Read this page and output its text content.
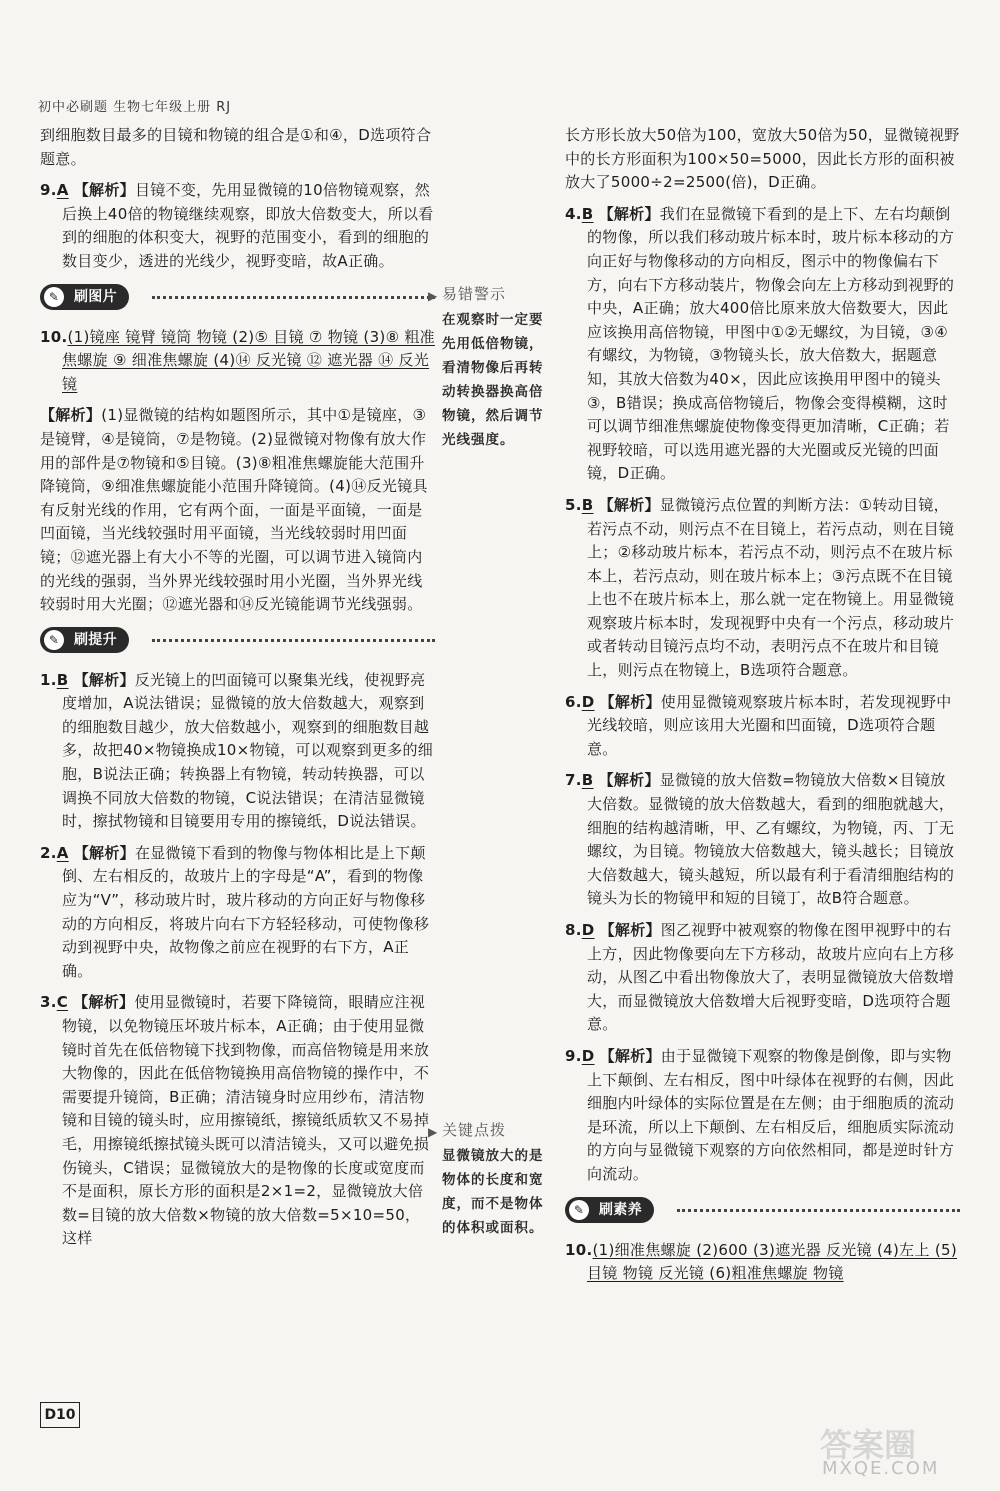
初中必刷题 生物七年级上册 RJ

到细胞数目最多的目镜和物镜的组合是①和④，D选项符合题意。

9.A 【解析】目镜不变，先用显微镜的10倍物镜观察，然后换上40倍的物镜继续观察，即放大倍数变大，所以看到的细胞的体积变大，视野的范围变小，看到的细胞的数目变少，透进的光线少，视野变暗，故A正确。

✎	刷图片

10.(1)镜座 镜臂 镜筒 物镜 (2)⑤ 目镜 ⑦ 物镜 (3)⑧ 粗准焦螺旋 ⑨ 细准焦螺旋 (4)⑭ 反光镜 ⑫ 遮光器 ⑭ 反光镜

【解析】(1)显微镜的结构如题图所示，其中①是镜座，③是镜臂，④是镜筒，⑦是物镜。(2)显微镜对物像有放大作用的部件是⑦物镜和⑤目镜。(3)⑧粗准焦螺旋能大范围升降镜筒，⑨细准焦螺旋能小范围升降镜筒。(4)⑭反光镜具有反射光线的作用，它有两个面，一面是平面镜，一面是凹面镜，当光线较强时用平面镜，当光线较弱时用凹面镜；⑫遮光器上有大小不等的光圈，可以调节进入镜筒内的光线的强弱，当外界光线较强时用小光圈，当外界光线较弱时用大光圈；⑫遮光器和⑭反光镜能调节光线强弱。

✎	刷提升

1.B 【解析】反光镜上的凹面镜可以聚集光线，使视野亮度增加，A说法错误；显微镜的放大倍数越大，观察到的细胞数目越少，放大倍数越小，观察到的细胞数目越多，故把40×物镜换成10×物镜，可以观察到更多的细胞，B说法正确；转换器上有物镜，转动转换器，可以调换不同放大倍数的物镜，C说法错误；在清洁显微镜时，擦拭物镜和目镜要用专用的擦镜纸，D说法错误。

2.A 【解析】在显微镜下看到的物像与物体相比是上下颠倒、左右相反的，故玻片上的字母是“A”，看到的物像应为“V”，移动玻片时，玻片移动的方向正好与物像移动的方向相反，将玻片向右下方轻轻移动，可使物像移动到视野中央，故物像之前应在视野的右下方，A正确。

3.C 【解析】使用显微镜时，若要下降镜筒，眼睛应注视物镜，以免物镜压坏玻片标本，A正确；由于使用显微镜时首先在低倍物镜下找到物像，而高倍物镜是用来放大物像的，因此在低倍物镜换用高倍物镜的操作中，不需要提升镜筒，B正确；清洁镜身时应用纱布，清洁物镜和目镜的镜头时，应用擦镜纸，擦镜纸质软又不易掉毛，用擦镜纸擦拭镜头既可以清洁镜头，又可以避免损伤镜头，C错误；显微镜放大的是物像的长度或宽度而不是面积，原长方形的面积是2×1=2，显微镜放大倍数=目镜的放大倍数×物镜的放大倍数=5×10=50，这样

▶ 易错警示
在观察时一定要先用低倍物镜，看清物像后再转动转换器换高倍物镜，然后调节光线强度。
▶ 关键点拨
显微镜放大的是物体的长度和宽度，而不是物体的体积或面积。

长方形长放大50倍为100，宽放大50倍为50，显微镜视野中的长方形面积为100×50=5000，因此长方形的面积被放大了5000÷2=2500(倍)，D正确。

4.B 【解析】我们在显微镜下看到的是上下、左右均颠倒的物像，所以我们移动玻片标本时，玻片标本移动的方向正好与物像移动的方向相反，图示中的物像偏右下方，向右下方移动装片，物像会向左上方移动到视野的中央，A正确；放大400倍比原来放大倍数要大，因此应该换用高倍物镜，甲图中①②无螺纹，为目镜，③④有螺纹，为物镜，③物镜头长，放大倍数大，据题意知，其放大倍数为40×，因此应该换用甲图中的镜头③，B错误；换成高倍物镜后，物像会变得模糊，这时可以调节细准焦螺旋使物像变得更加清晰，C正确；若视野较暗，可以选用遮光器的大光圈或反光镜的凹面镜，D正确。

5.B 【解析】显微镜污点位置的判断方法：①转动目镜，若污点不动，则污点不在目镜上，若污点动，则在目镜上；②移动玻片标本，若污点不动，则污点不在玻片标本上，若污点动，则在玻片标本上；③污点既不在目镜上也不在玻片标本上，那么就一定在物镜上。用显微镜观察玻片标本时，发现视野中央有一个污点，移动玻片或者转动目镜污点均不动，表明污点不在玻片和目镜上，则污点在物镜上，B选项符合题意。

6.D 【解析】使用显微镜观察玻片标本时，若发现视野中光线较暗，则应该用大光圈和凹面镜，D选项符合题意。

7.B 【解析】显微镜的放大倍数=物镜放大倍数×目镜放大倍数。显微镜的放大倍数越大，看到的细胞就越大，细胞的结构越清晰，甲、乙有螺纹，为物镜，丙、丁无螺纹，为目镜。物镜放大倍数越大，镜头越长；目镜放大倍数越大，镜头越短，所以最有利于看清细胞结构的镜头为长的物镜甲和短的目镜丁，故B符合题意。

8.D 【解析】图乙视野中被观察的物像在图甲视野中的右上方，因此物像要向左下方移动，故玻片应向右上方移动，从图乙中看出物像放大了，表明显微镜放大倍数增大，而显微镜放大倍数增大后视野变暗，D选项符合题意。

9.D 【解析】由于显微镜下观察的物像是倒像，即与实物上下颠倒、左右相反，图中叶绿体在视野的右侧，因此细胞内叶绿体的实际位置是在左侧；由于细胞质的流动是环流，所以上下颠倒、左右相反后，细胞质实际流动的方向与显微镜下观察的方向依然相同，都是逆时针方向流动。

✎	刷素养

10.(1)细准焦螺旋 (2)600 (3)遮光器 反光镜 (4)左上 (5)目镜 物镜 反光镜 (6)粗准焦螺旋 物镜

D10
答案圈
MXQE.COM
